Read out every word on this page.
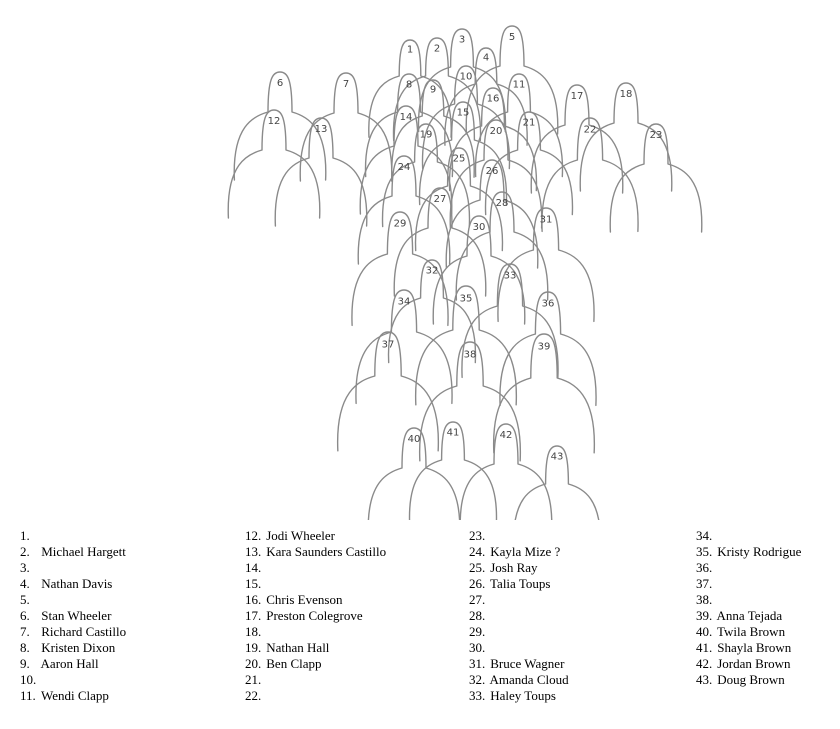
1 2
3
4
5
6	7	8 9
10
11
12
13
14	15
16	17	18
19	20
21
22	23
24
25
26
27	28
29	30
31
32	33
34	35	36
37
38
39
40
41	42
43
1.
2. Michael Hargett
3.
4. Nathan Davis
5.
6. Stan Wheeler
7. Richard Castillo
8. Kristen Dixon
9. Aaron Hall
10.
11. Wendi Clapp
12. Jodi Wheeler
13. Kara Saunders Castillo
14.
15.
16. Chris Evenson
17. Preston Colegrove
18.
19. Nathan Hall
20. Ben Clapp
21.
22.
23.
24. Kayla Mize ?
25. Josh Ray
26. Talia Toups
27.
28.
29.
30.
31. Bruce Wagner
32. Amanda Cloud
33. Haley Toups
34.
35. Kristy Rodrigue
36.
37.
38.
39. Anna Tejada
40. Twila Brown
41. Shayla Brown
42. Jordan Brown
43. Doug Brown
